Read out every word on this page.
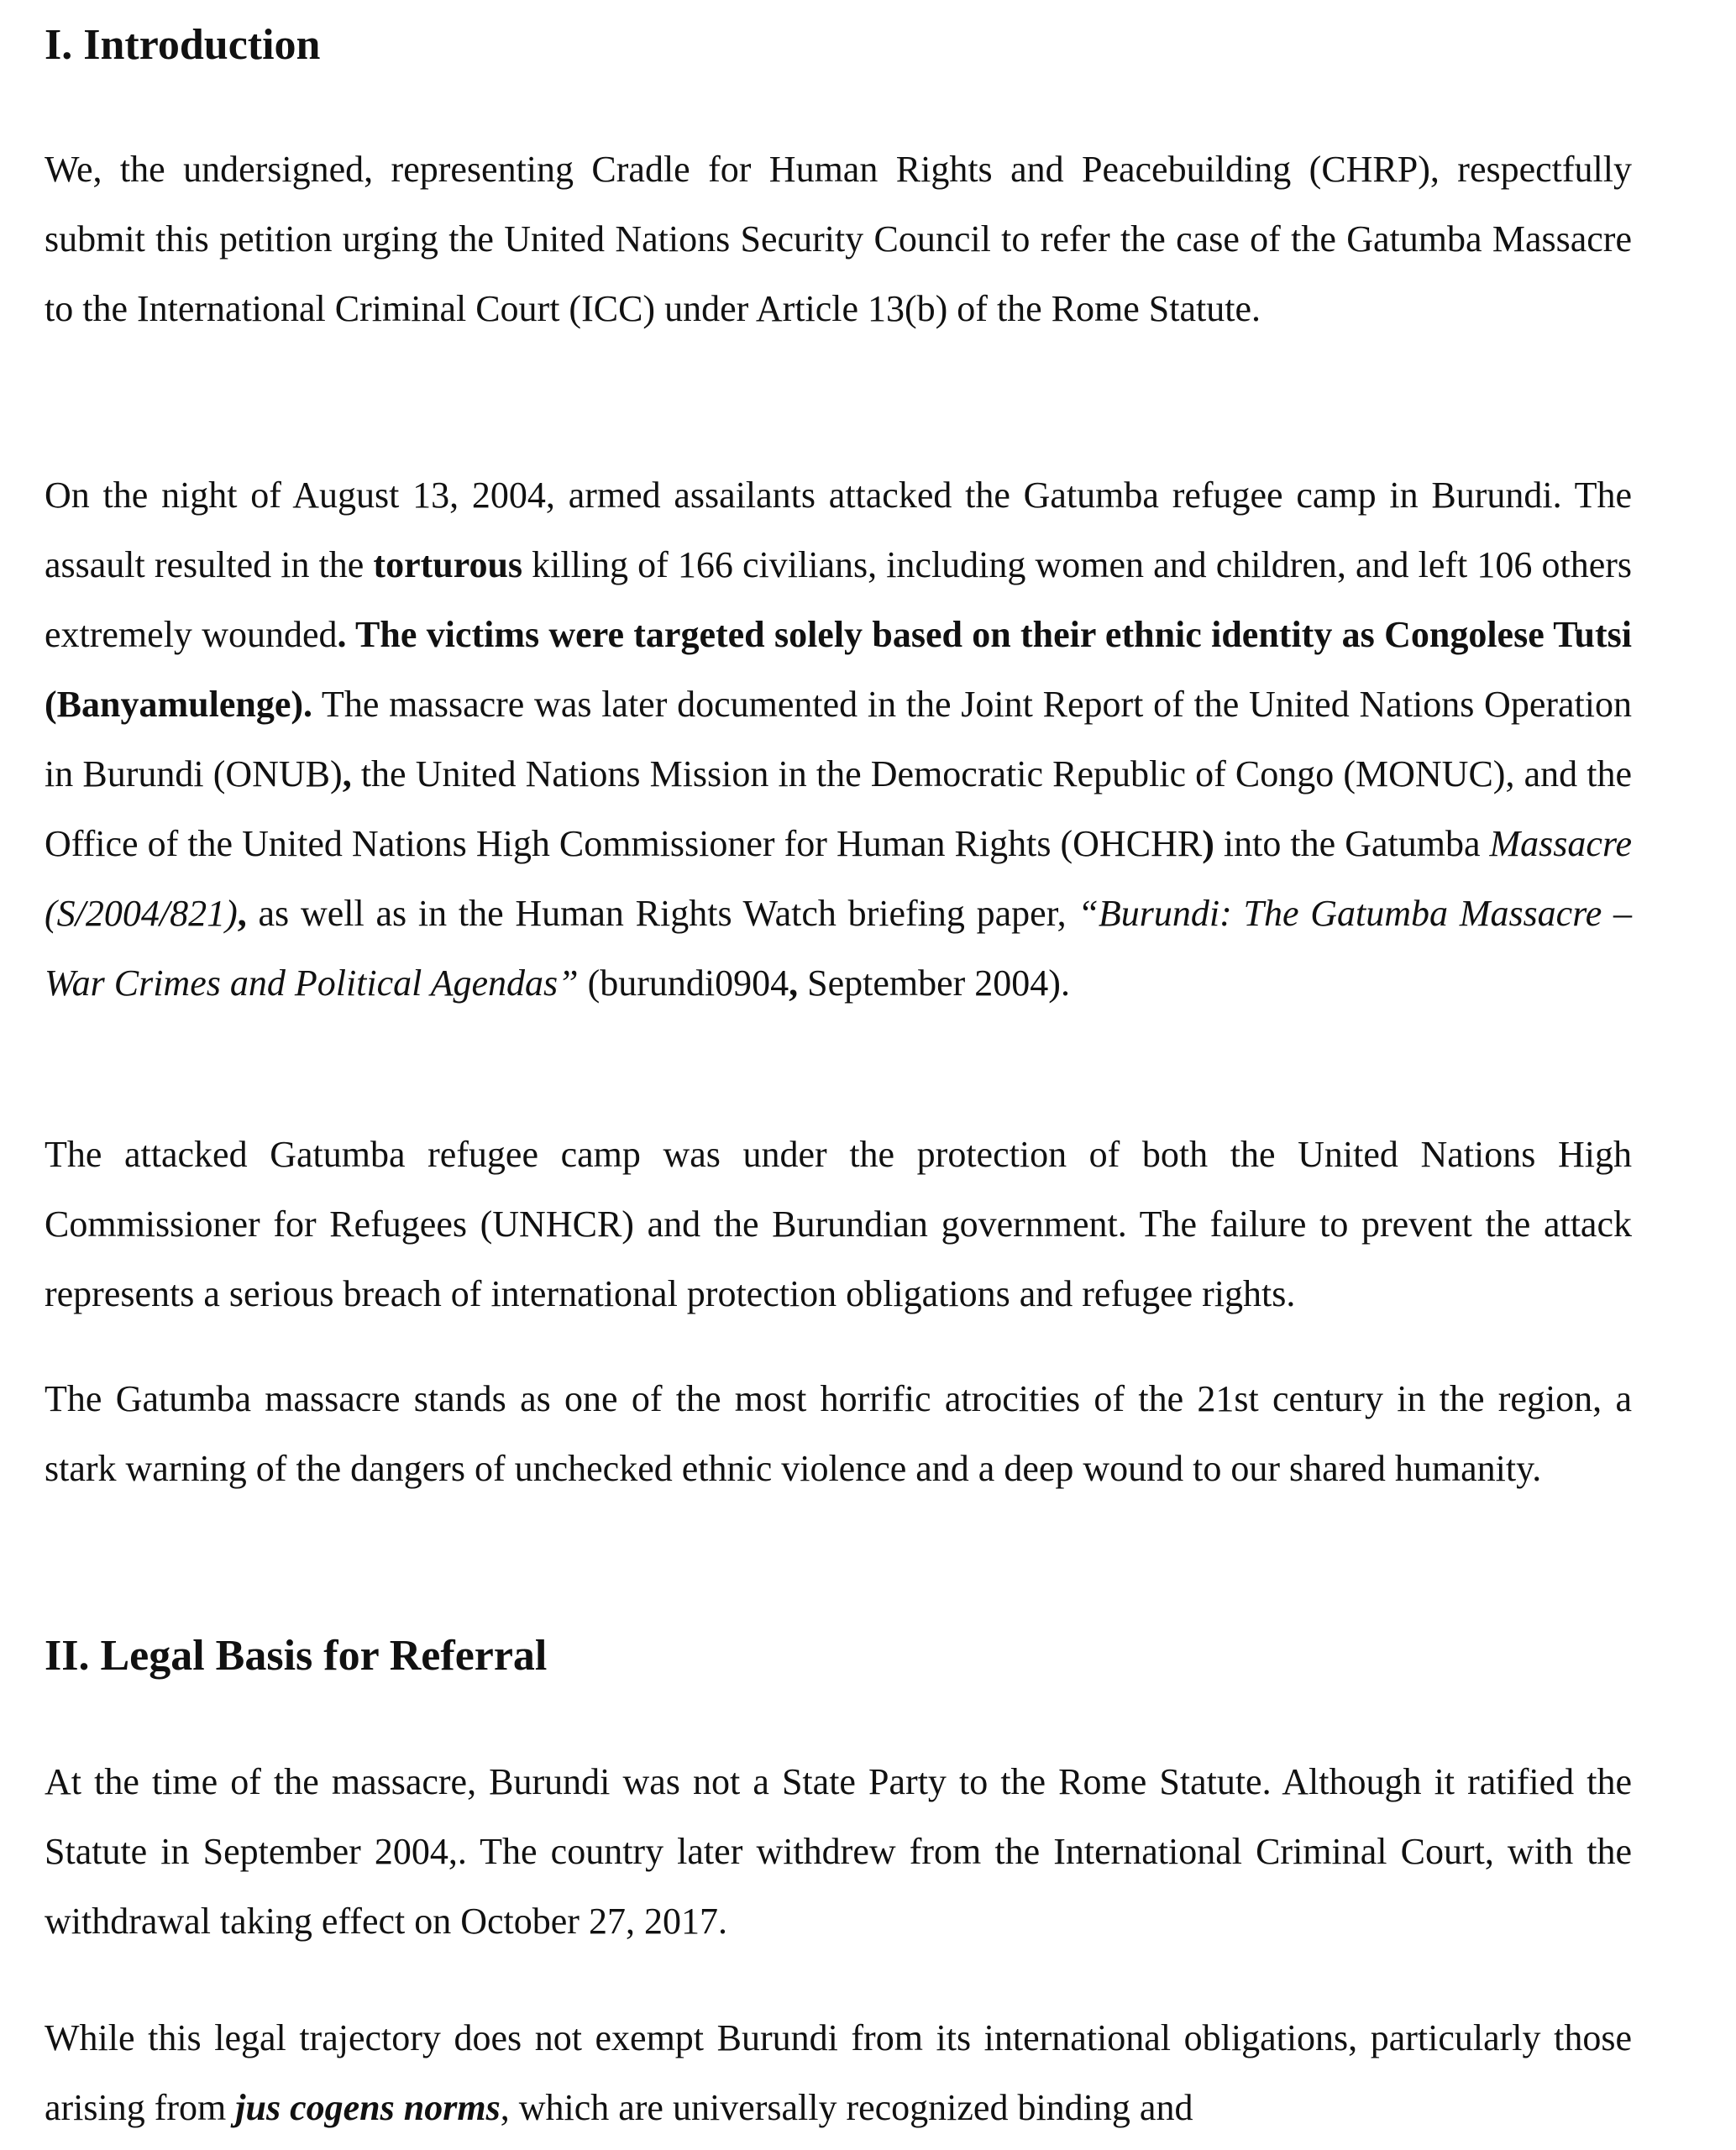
I. Introduction

We, the undersigned, representing Cradle for Human Rights and Peacebuilding (CHRP), respectfully submit this petition urging the United Nations Security Council to refer the case of the Gatumba Massacre to the International Criminal Court (ICC) under Article 13(b) of the Rome Statute.

On the night of August 13, 2004, armed assailants attacked the Gatumba refugee camp in Burundi. The assault resulted in the torturous killing of 166 civilians, including women and children, and left 106 others extremely wounded. The victims were targeted solely based on their ethnic identity as Congolese Tutsi (Banyamulenge). The massacre was later documented in the Joint Report of the United Nations Operation in Burundi (ONUB), the United Nations Mission in the Democratic Republic of Congo (MONUC), and the Office of the United Nations High Commissioner for Human Rights (OHCHR) into the Gatumba Massacre (S/2004/821), as well as in the Human Rights Watch briefing paper, “Burundi: The Gatumba Massacre – War Crimes and Political Agendas” (burundi0904, September 2004).

The attacked Gatumba refugee camp was under the protection of both the United Nations High Commissioner for Refugees (UNHCR) and the Burundian government. The failure to prevent the attack represents a serious breach of international protection obligations and refugee rights.

The Gatumba massacre stands as one of the most horrific atrocities of the 21st century in the region, a stark warning of the dangers of unchecked ethnic violence and a deep wound to our shared humanity.

II. Legal Basis for Referral

At the time of the massacre, Burundi was not a State Party to the Rome Statute. Although it ratified the Statute in September 2004,. The country later withdrew from the International Criminal Court, with the withdrawal taking effect on October 27, 2017.

While this legal trajectory does not exempt Burundi from its international obligations, particularly those arising from jus cogens norms, which are universally recognized binding and
